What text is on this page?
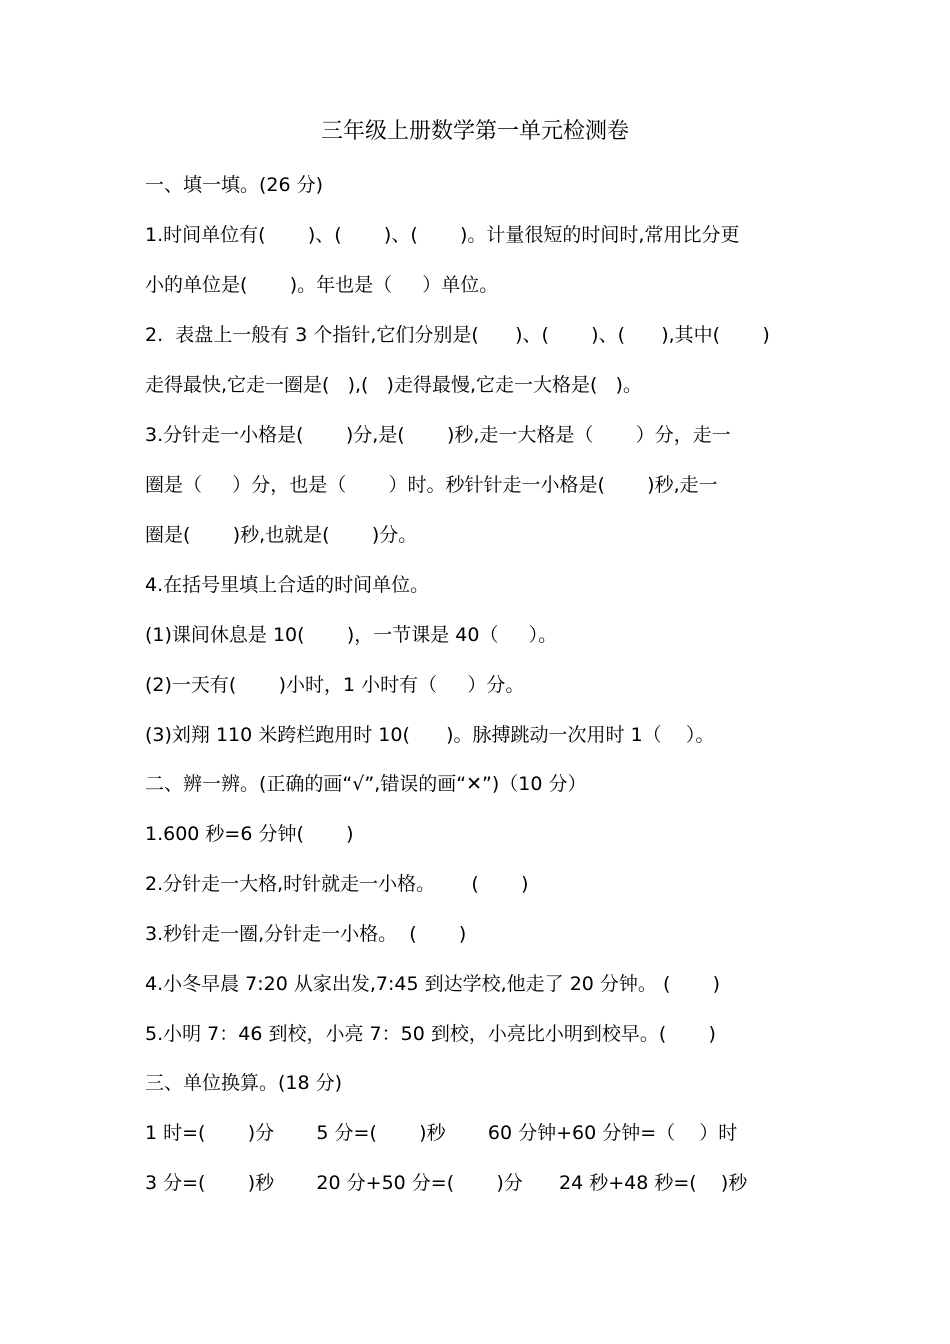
三年级上册数学第一单元检测卷
一、填一填。(26 分)
1.时间单位有(       )、(       )、(       )。计量很短的时间时,常用比分更
小的单位是(       )。年也是（     ）单位。
2.  表盘上一般有 3 个指针,它们分别是(      )、(       )、(      ),其中(       )
走得最快,它走一圈是(   ),(   )走得最慢,它走一大格是(   )。
3.分针走一小格是(       )分,是(       )秒,走一大格是（       ）分，走一
圈是（     ）分，也是（       ）时。秒针针走一小格是(       )秒,走一
圈是(       )秒,也就是(       )分。
4.在括号里填上合适的时间单位。
(1)课间休息是 10(       )，一节课是 40（     ）。
(2)一天有(       )小时，1 小时有（     ）分。
(3)刘翔 110 米跨栏跑用时 10(      )。脉搏跳动一次用时 1（    ）。
二、辨一辨。(正确的画“√”,错误的画“✕”)（10 分）
1.600 秒=6 分钟(       )
2.分针走一大格,时针就走一小格。      (       )
3.秒针走一圈,分针走一小格。  (       )
4.小冬早晨 7:20 从家出发,7:45 到达学校,他走了 20 分钟。 (       )
5.小明 7：46 到校，小亮 7：50 到校，小亮比小明到校早。(       )
三、单位换算。(18 分)
1 时=(       )分       5 分=(       )秒       60 分钟+60 分钟=（    ）时
3 分=(       )秒       20 分+50 分=(       )分      24 秒+48 秒=(    )秒
